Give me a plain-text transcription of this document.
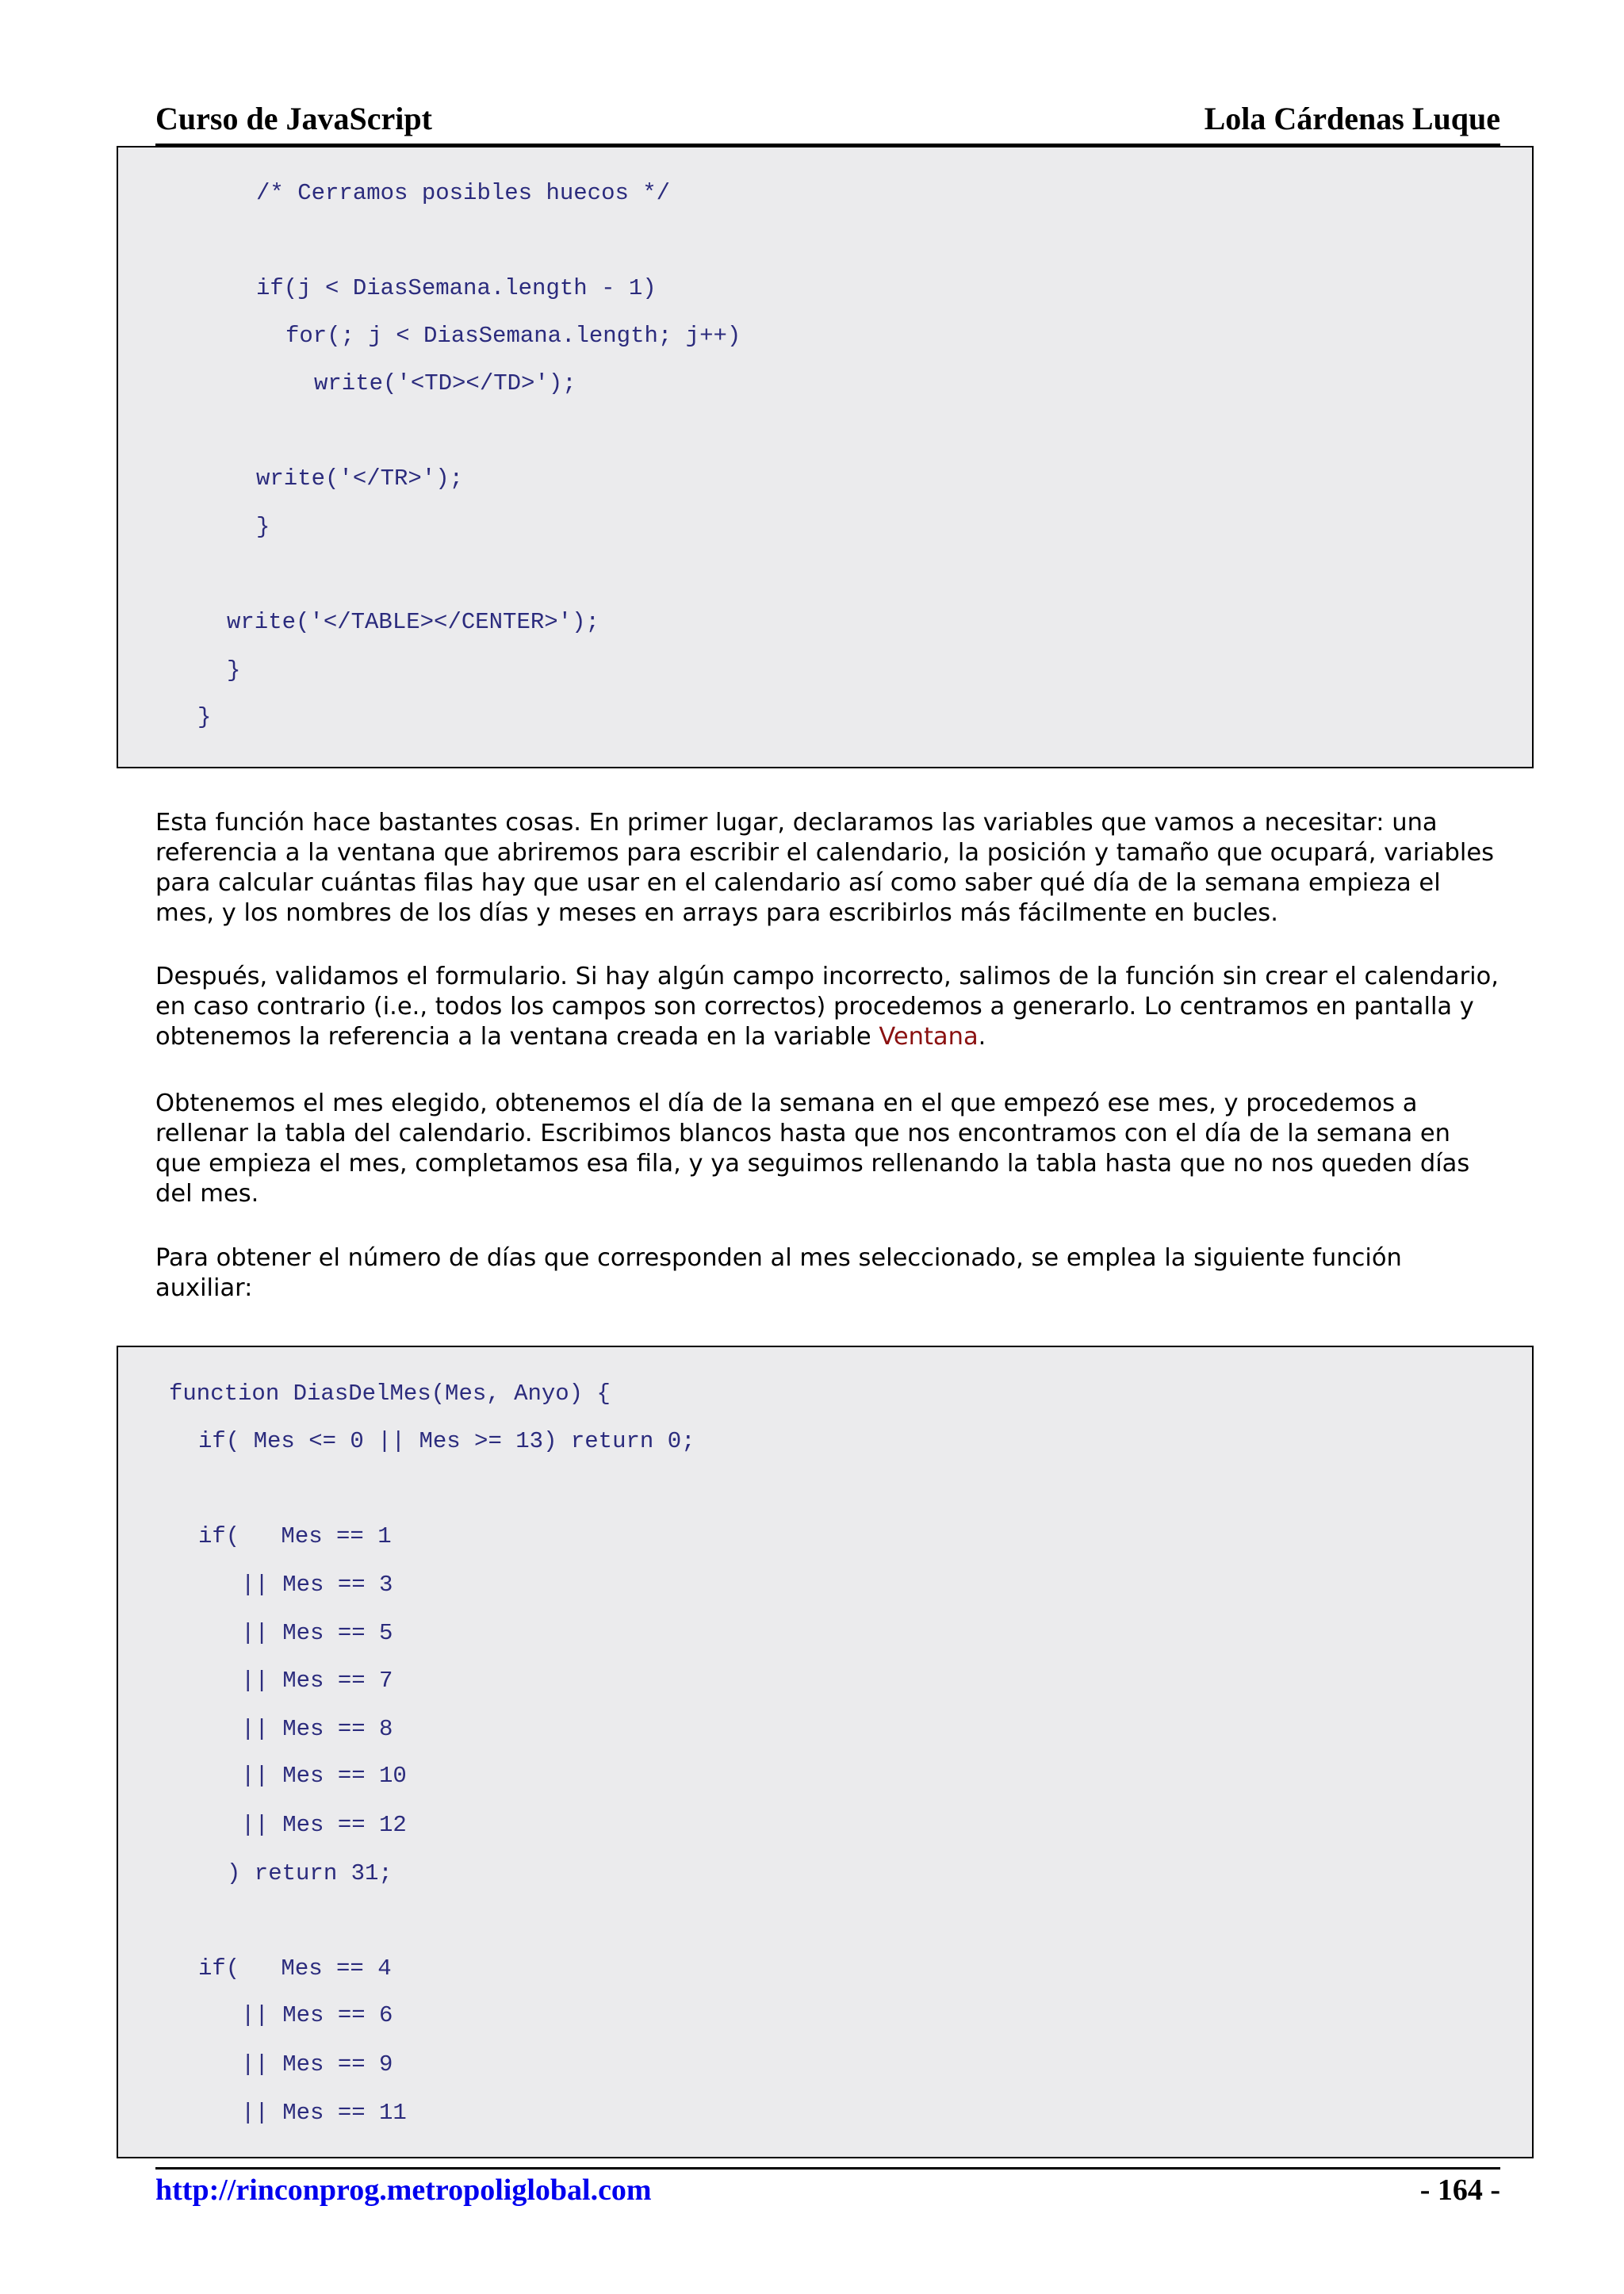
Curso de JavaScript	Lola Cárdenas Luque
/* Cerramos posibles huecos */
if(j < DiasSemana.length - 1)
for(; j < DiasSemana.length; j++)
write('<TD></TD>');
write('</TR>');
}
write('</TABLE></CENTER>');
}
}

Esta función hace bastantes cosas. En primer lugar, declaramos las variables que vamos a necesitar: una referencia a la ventana que abriremos para escribir el calendario, la posición y tamaño que ocupará, variables para calcular cuántas filas hay que usar en el calendario así como saber qué día de la semana empieza el mes, y los nombres de los días y meses en arrays para escribirlos más fácilmente en bucles.

Después, validamos el formulario. Si hay algún campo incorrecto, salimos de la función sin crear el calendario, en caso contrario (i.e., todos los campos son correctos) procedemos a generarlo. Lo centramos en pantalla y obtenemos la referencia a la ventana creada en la variable Ventana.

Obtenemos el mes elegido, obtenemos el día de la semana en el que empezó ese mes, y procedemos a rellenar la tabla del calendario. Escribimos blancos hasta que nos encontramos con el día de la semana en que empieza el mes, completamos esa fila, y ya seguimos rellenando la tabla hasta que no nos queden días del mes.

Para obtener el número de días que corresponden al mes seleccionado, se emplea la siguiente función auxiliar:

function DiasDelMes(Mes, Anyo) {
if( Mes <= 0 || Mes >= 13) return 0;
if(   Mes == 1
|| Mes == 3
|| Mes == 5
|| Mes == 7
|| Mes == 8
|| Mes == 10
|| Mes == 12
) return 31;
if(   Mes == 4
|| Mes == 6
|| Mes == 9
|| Mes == 11
http://rinconprog.metropoliglobal.com	- 164 -
